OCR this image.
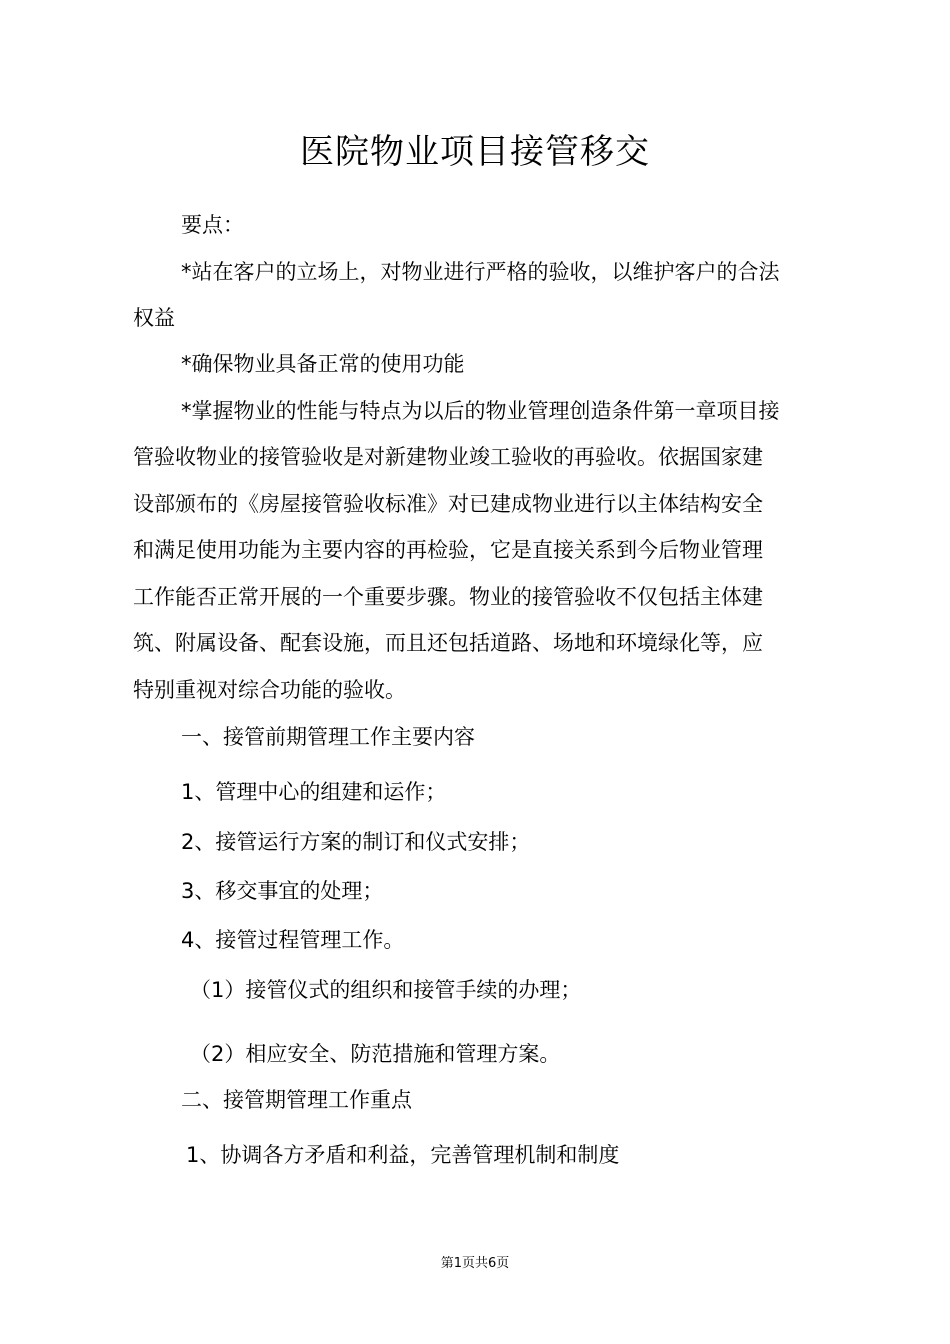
医院物业项目接管移交
要点：
*站在客户的立场上，对物业进行严格的验收，以维护客户的合法
权益
*确保物业具备正常的使用功能
*掌握物业的性能与特点为以后的物业管理创造条件第一章项目接
管验收物业的接管验收是对新建物业竣工验收的再验收。依据国家建
设部颁布的《房屋接管验收标准》对已建成物业进行以主体结构安全
和满足使用功能为主要内容的再检验，它是直接关系到今后物业管理
工作能否正常开展的一个重要步骤。物业的接管验收不仅包括主体建
筑、附属设备、配套设施，而且还包括道路、场地和环境绿化等，应
特别重视对综合功能的验收。
一、接管前期管理工作主要内容
1、管理中心的组建和运作；
2、接管运行方案的制订和仪式安排；
3、移交事宜的处理；
4、接管过程管理工作。
（1）接管仪式的组织和接管手续的办理；
（2）相应安全、防范措施和管理方案。
二、接管期管理工作重点
1、协调各方矛盾和利益，完善管理机制和制度
第1页共6页
